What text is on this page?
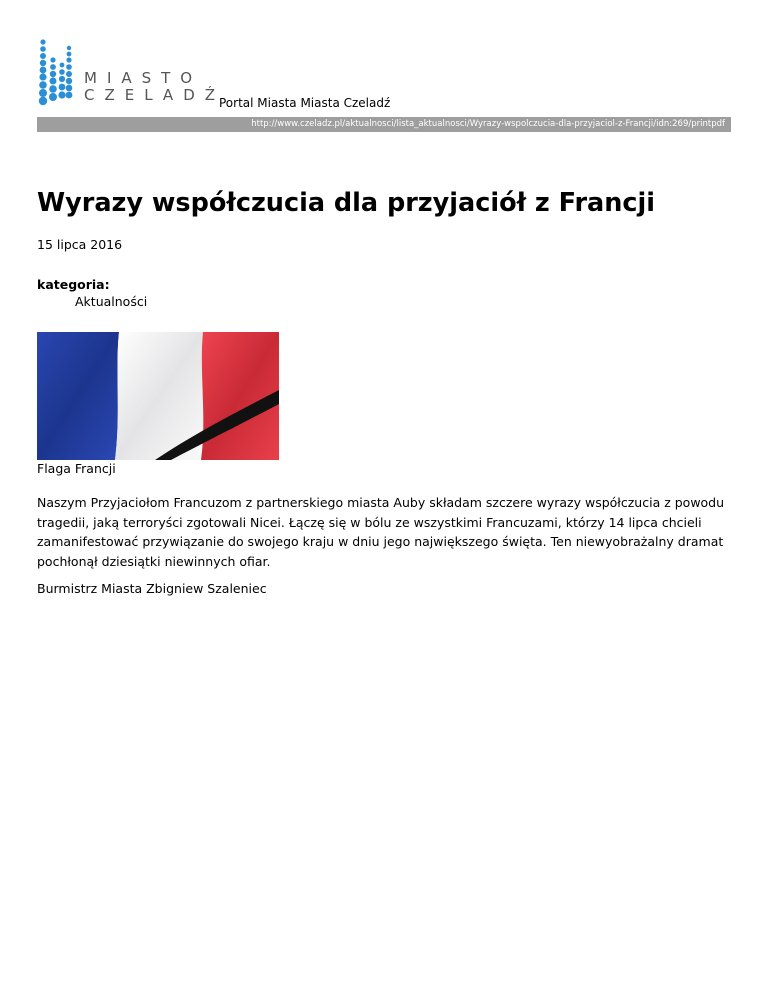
MIASTO
CZELADŹ
Portal Miasta Miasta Czeladź
http://www.czeladz.pl/aktualnosci/lista_aktualnosci/Wyrazy-wspolczucia-dla-przyjaciol-z-Francji/idn:269/printpdf
Wyrazy współczucia dla przyjaciół z Francji
15 lipca 2016
kategoria:
Aktualności
Flaga Francji

Naszym Przyjaciołom Francuzom z partnerskiego miasta Auby składam szczere wyrazy współczucia z powodu tragedii, jaką terroryści zgotowali Nicei. Łączę się w bólu ze wszystkimi Francuzami, którzy 14 lipca chcieli zamanifestować przywiązanie do swojego kraju w dniu jego największego święta. Ten niewyobrażalny dramat pochłonął dziesiątki niewinnych ofiar.

Burmistrz Miasta Zbigniew Szaleniec
